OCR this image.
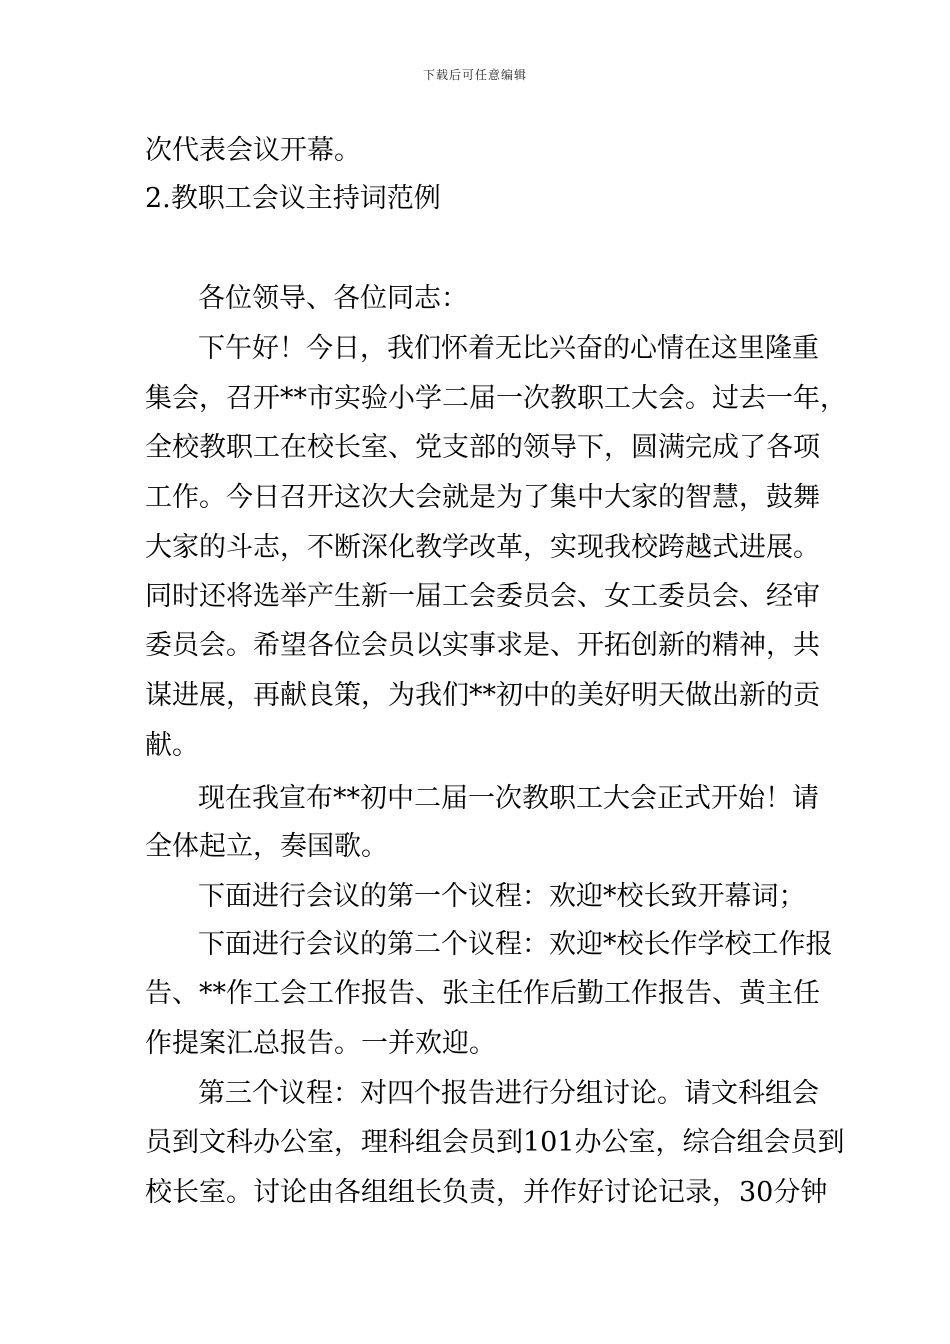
下载后可任意编辑
次代表会议开幕。
2.教职工会议主持词范例
各位领导、各位同志：
下午好！今日，我们怀着无比兴奋的心情在这里隆重
集会，召开**市实验小学二届一次教职工大会。过去一年，
全校教职工在校长室、党支部的领导下，圆满完成了各项
工作。今日召开这次大会就是为了集中大家的智慧，鼓舞
大家的斗志，不断深化教学改革，实现我校跨越式进展。
同时还将选举产生新一届工会委员会、女工委员会、经审
委员会。希望各位会员以实事求是、开拓创新的精神，共
谋进展，再献良策，为我们**初中的美好明天做出新的贡
献。
现在我宣布**初中二届一次教职工大会正式开始！请
全体起立，奏国歌。
下面进行会议的第一个议程：欢迎*校长致开幕词；
下面进行会议的第二个议程：欢迎*校长作学校工作报
告、**作工会工作报告、张主任作后勤工作报告、黄主任
作提案汇总报告。一并欢迎。
第三个议程：对四个报告进行分组讨论。请文科组会
员到文科办公室，理科组会员到101办公室，综合组会员到
校长室。讨论由各组组长负责，并作好讨论记录，30分钟
